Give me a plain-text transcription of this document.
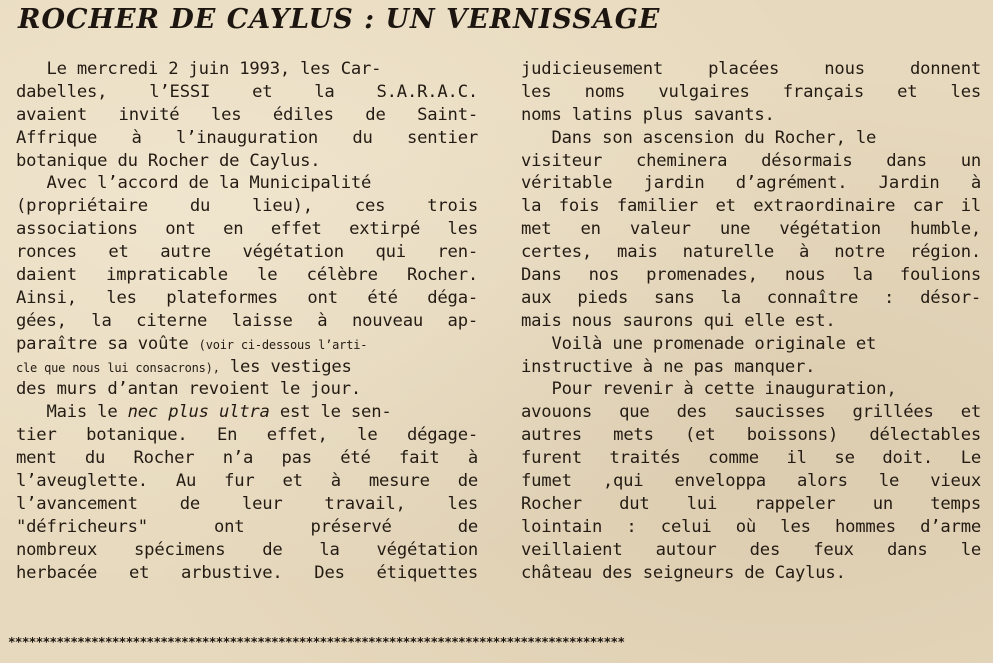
ROCHER DE CAYLUS : UN VERNISSAGE
Le mercredi 2 juin 1993, les Car-
dabelles, l’ESSI et la S.A.R.A.C.
avaient invité les édiles de Saint-
Affrique à l’inauguration du sentier
botanique du Rocher de Caylus.
Avec l’accord de la Municipalité
(propriétaire du lieu), ces trois
associations ont en effet extirpé les
ronces et autre végétation qui ren-
daient impraticable le célèbre Rocher.
Ainsi, les plateformes ont été déga-
gées, la citerne laisse à nouveau ap-
paraître sa voûte (voir ci-dessous l’arti-
cle que nous lui consacrons), les vestiges
des murs d’antan revoient le jour.
Mais le nec plus ultra est le sen-
tier botanique. En effet, le dégage-
ment du Rocher n’a pas été fait à
l’aveuglette. Au fur et à mesure de
l’avancement de leur travail, les
"défricheurs" ont préservé de
nombreux spécimens de la végétation
herbacée et arbustive. Des étiquettes
judicieusement placées nous donnent
les noms vulgaires français et les
noms latins plus savants.
Dans son ascension du Rocher, le
visiteur cheminera désormais dans un
véritable jardin d’agrément. Jardin à
la fois familier et extraordinaire car il
met en valeur une végétation humble,
certes, mais naturelle à notre région.
Dans nos promenades, nous la foulions
aux pieds sans la connaître : désor-
mais nous saurons qui elle est.
Voilà une promenade originale et
instructive à ne pas manquer.
Pour revenir à cette inauguration,
avouons que des saucisses grillées et
autres mets (et boissons) délectables
furent traités comme il se doit. Le
fumet ,qui enveloppa alors le vieux
Rocher dut lui rappeler un temps
lointain : celui où les hommes d’arme
veillaient autour des feux dans le
château des seigneurs de Caylus.
*****************************************************************************************
